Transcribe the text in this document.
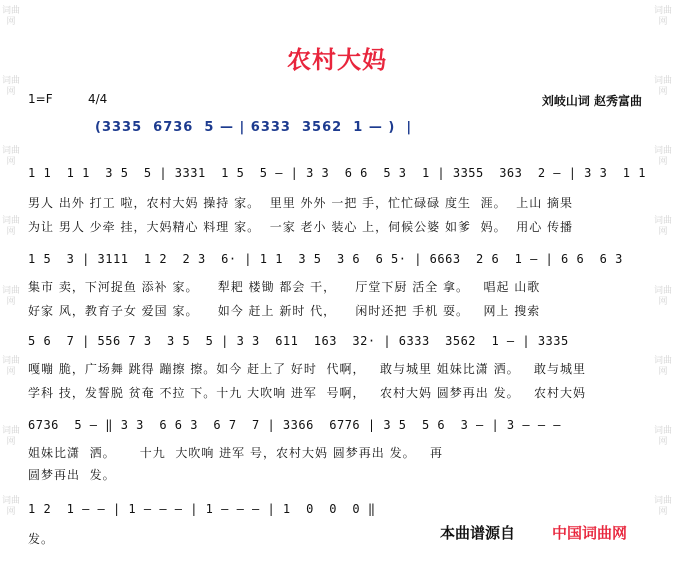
词曲网
词曲网
词曲网
词曲网
词曲网
词曲网
词曲网
词曲网
词曲网
词曲网
词曲网
词曲网
词曲网
词曲网
词曲网
词曲网
农村大妈
1=F	4/4	刘岐山词 赵秀富曲
(3335  6736  5 — | 6333  3562  1 — )  |
1 1  1 1  3 5  5 | 3331  1 5  5 — | 3 3  6 6  5 3  1 | 3355  363  2 — | 3 3  1 1
男人 出外 打工 啦，农村大妈 操持 家。  里里 外外 一把 手，忙忙碌碌 度生  涯。  上山 摘果
为让 男人 少牵 挂，大妈精心 料理 家。  一家 老小 装心 上，伺候公婆 如爹  妈。  用心 传播
1 5  3 | 3111  1 2  2 3  6· | 1 1  3 5  3 6  6 5· | 6663  2 6  1 — | 6 6  6 3
集市 卖，下河捉鱼 添补 家。    犁耙 楼锄 都会 干，    厅堂下厨 活全 拿。   唱起 山歌
好家 风，教育子女 爱国 家。    如今 赶上 新时 代，    闲时还把 手机 耍。   网上 搜索
5 6  7 | 556 7 3  3 5  5 | 3 3  611  163  32· | 6333  3562  1 — | 3335
嘎嘣 脆，广场舞 跳得 蹦擦 擦。如今 赶上了 好时  代啊，   敢与城里 姐妹比潇 洒。   敢与城里
学科 技，发誓脱 贫奄 不拉 下。十九 大吹响 进军  号啊，   农村大妈 圆梦再出 发。   农村大妈
6736  5 — ‖ 3 3  6 6 3  6 7  7 | 3366  6776 | 3 5  5 6  3 — | 3 — — —
姐妹比潇  洒。     十九  大吹响 进军 号，农村大妈 圆梦再出 发。   再
圆梦再出  发。
1 2  1 — — | 1 — — — | 1 — — — | 1  0  0  0 ‖
发。	本曲谱源自 中国词曲网
